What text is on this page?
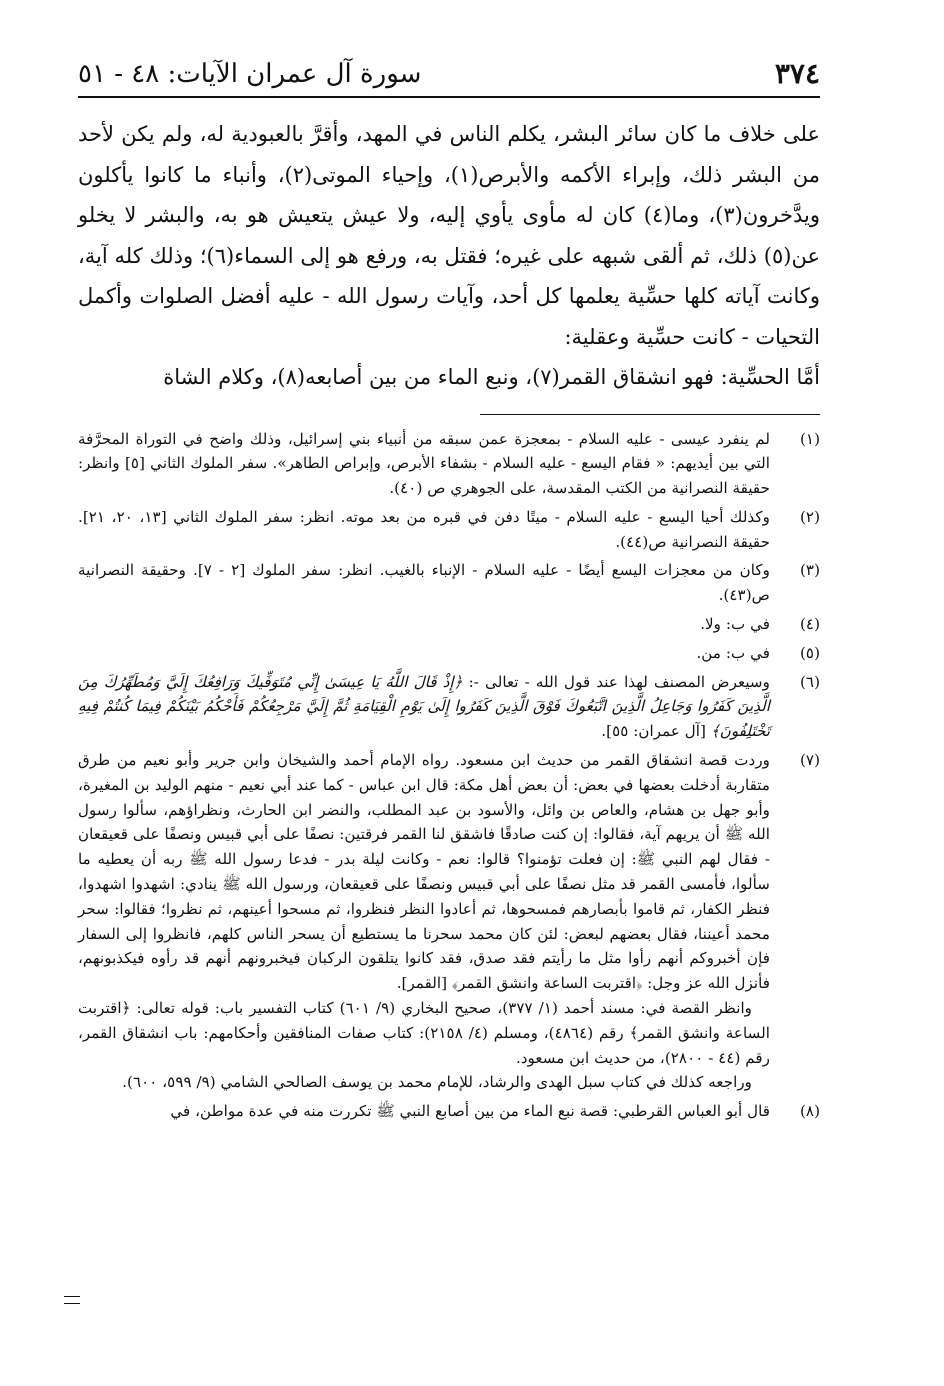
٣٧٤
سورة آل عمران الآيات: ٤٨ - ٥١

على خلاف ما كان سائر البشر، يكلم الناس في المهد، وأقرَّ بالعبودية له، ولم يكن لأحد من البشر ذلك، وإبراء الأكمه والأبرص(١)، وإحياء الموتى(٢)، وأنباء ما كانوا يأكلون ويدَّخرون(٣)، وما(٤) كان له مأوى يأوي إليه، ولا عيش يتعيش هو به، والبشر لا يخلو عن(٥) ذلك، ثم ألقى شبهه على غيره؛ فقتل به، ورفع هو إلى السماء(٦)؛ وذلك كله آية، وكانت آياته كلها حسِّية يعلمها كل أحد، وآيات رسول الله - عليه أفضل الصلوات وأكمل التحيات - كانت حسِّية وعقلية:

أمَّا الحسِّية: فهو انشقاق القمر(٧)، ونبع الماء من بين أصابعه(٨)، وكلام الشاة

(١)

لم ينفرد عيسى - عليه السلام - بمعجزة عمن سبقه من أنبياء بني إسرائيل، وذلك واضح في التوراة المحرَّفة التي بين أيديهم: « فقام اليسع - عليه السلام - بشفاء الأبرص، وإبراص الطاهر». سفر الملوك الثاني [٥] وانظر: حقيقة النصرانية من الكتب المقدسة، على الجوهري ص (٤٠).

(٢)

وكذلك أحيا اليسع - عليه السلام - ميتًا دفن في قبره من بعد موته. انظر: سفر الملوك الثاني [١٣، ٢٠، ٢١]. حقيقة النصرانية ص(٤٤).

(٣)

وكان من معجزات اليسع أيضًا - عليه السلام - الإنباء بالغيب. انظر: سفر الملوك [٢ - ٧]. وحقيقة النصرانية ص(٤٣).

(٤)

في ب: ولا.

(٥)

في ب: من.

(٦)

وسيعرض المصنف لهذا عند قول الله - تعالى -: ﴿إِذْ قَالَ اللَّهُ يَا عِيسَىٰ إِنِّي مُتَوَفِّيكَ وَرَافِعُكَ إِلَيَّ وَمُطَهِّرُكَ مِنَ الَّذِينَ كَفَرُوا وَجَاعِلُ الَّذِينَ اتَّبَعُوكَ فَوْقَ الَّذِينَ كَفَرُوا إِلَىٰ يَوْمِ الْقِيَامَةِ ثُمَّ إِلَيَّ مَرْجِعُكُمْ فَأَحْكُمُ بَيْنَكُمْ فِيمَا كُنتُمْ فِيهِ تَخْتَلِفُونَ﴾ [آل عمران: ٥٥].

(٧)

وردت قصة انشقاق القمر من حديث ابن مسعود. رواه الإمام أحمد والشيخان وابن جرير وأبو نعيم من طرق متقاربة أدخلت بعضها في بعض: أن بعض أهل مكة: قال ابن عباس - كما عند أبي نعيم - منهم الوليد بن المغيرة، وأبو جهل بن هشام، والعاص بن وائل، والأسود بن عبد المطلب، والنضر ابن الحارث، ونظراؤهم، سألوا رسول الله ﷺ أن يريهم آية، فقالوا: إن كنت صادقًا فاشقق لنا القمر فرقتين: نصفًا على أبي قبيس ونصفًا على قعيقعان - فقال لهم النبي ﷺ: إن فعلت تؤمنوا؟ قالوا: نعم - وكانت ليلة بدر - فدعا رسول الله ﷺ ربه أن يعطيه ما سألوا، فأمسى القمر قد مثل نصفًا على أبي قبيس ونصفًا على قعيقعان، ورسول الله ﷺ ينادي: اشهدوا اشهدوا، فنظر الكفار، ثم قاموا بأبصارهم فمسحوها، ثم أعادوا النظر فنظروا، ثم مسحوا أعينهم، ثم نظروا؛ فقالوا: سحر محمد أعيننا، فقال بعضهم لبعض: لئن كان محمد سحرنا ما يستطيع أن يسحر الناس كلهم، فانظروا إلى السفار فإن أخبروكم أنهم رأوا مثل ما رأيتم فقد صدق، فقد كانوا يتلقون الركبان فيخبرونهم أنهم قد رأوه فيكذبونهم، فأنزل الله عز وجل: ﴿اقتربت الساعة وانشق القمر﴾ [القمر].

وانظر القصة في: مسند أحمد (١/ ٣٧٧)، صحيح البخاري (٩/ ٦٠١) كتاب التفسير باب: قوله تعالى: ﴿اقتربت الساعة وانشق القمر﴾ رقم (٤٨٦٤)، ومسلم (٤/ ٢١٥٨): كتاب صفات المنافقين وأحكامهم: باب انشقاق القمر، رقم (٤٤ - ٢٨٠٠)، من حديث ابن مسعود.

وراجعه كذلك في كتاب سبل الهدى والرشاد، للإمام محمد بن يوسف الصالحي الشامي (٩/ ٥٩٩، ٦٠٠).

(٨)

قال أبو العباس القرطبي: قصة نبع الماء من بين أصابع النبي ﷺ تكررت منه في عدة مواطن، في
